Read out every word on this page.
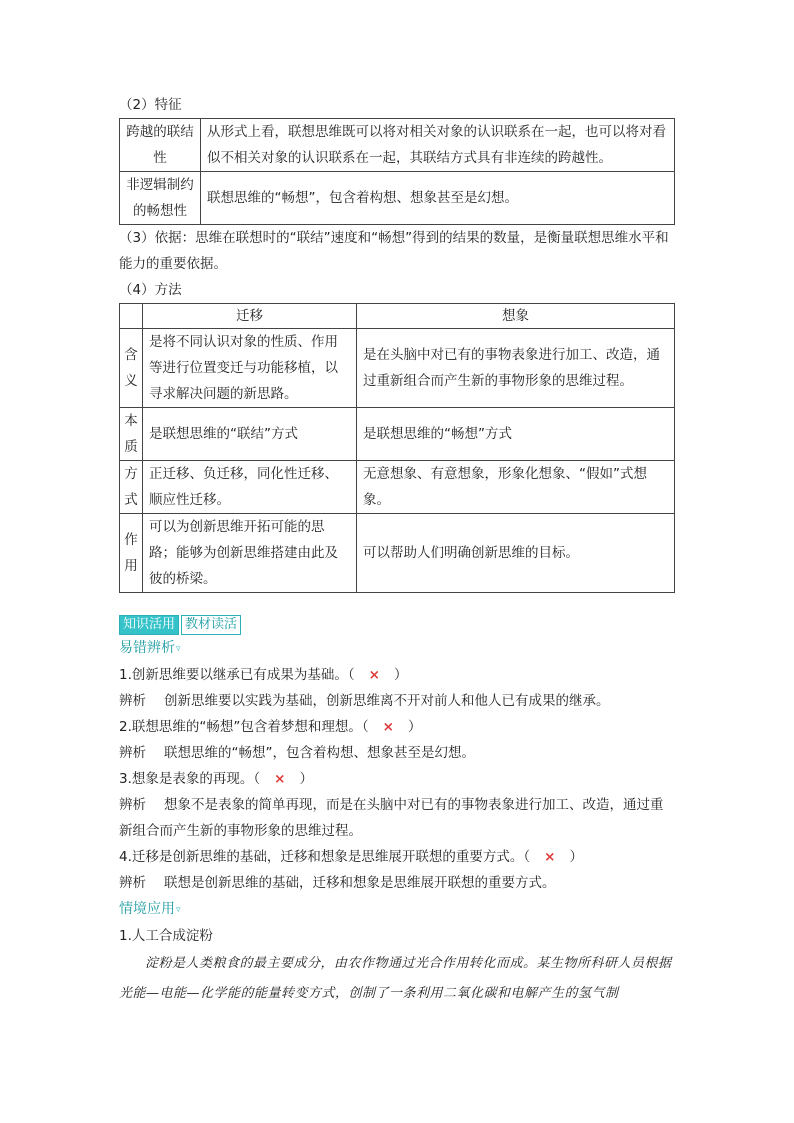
（2）特征
跨越的联结性	从形式上看，联想思维既可以将对相关对象的认识联系在一起，也可以将对看似不相关对象的认识联系在一起，其联结方式具有非连续的跨越性。
非逻辑制约的畅想性	联想思维的“畅想”，包含着构想、想象甚至是幻想。
（3）依据：思维在联想时的“联结”速度和“畅想”得到的结果的数量，是衡量联想思维水平和能力的重要依据。
（4）方法
	迁移	想象
含义	是将不同认识对象的性质、作用等进行位置变迁与功能移植，以寻求解决问题的新思路。	是在头脑中对已有的事物表象进行加工、改造，通过重新组合而产生新的事物形象的思维过程。
本质	是联想思维的“联结”方式	是联想思维的“畅想”方式
方式	正迁移、负迁移，同化性迁移、顺应性迁移。	无意想象、有意想象，形象化想象、“假如”式想象。
作用	可以为创新思维开拓可能的思路；能够为创新思维搭建由此及彼的桥梁。	可以帮助人们明确创新思维的目标。
知识活用 教材读活
易错辨析 ▿
1.创新思维要以继承已有成果为基础。（ × ）
辨析 创新思维要以实践为基础，创新思维离不开对前人和他人已有成果的继承。
2.联想思维的“畅想”包含着梦想和理想。（ × ）
辨析 联想思维的“畅想”，包含着构想、想象甚至是幻想。
3.想象是表象的再现。（ × ）
辨析 想象不是表象的简单再现，而是在头脑中对已有的事物表象进行加工、改造，通过重新组合而产生新的事物形象的思维过程。
4.迁移是创新思维的基础，迁移和想象是思维展开联想的重要方式。（ × ）
辨析 联想是创新思维的基础，迁移和想象是思维展开联想的重要方式。
情境应用 ▿
1.人工合成淀粉
淀粉是人类粮食的最主要成分，由农作物通过光合作用转化而成。某生物所科研人员根据光能—电能—化学能的能量转变方式，创制了一条利用二氧化碳和电解产生的氢气制
